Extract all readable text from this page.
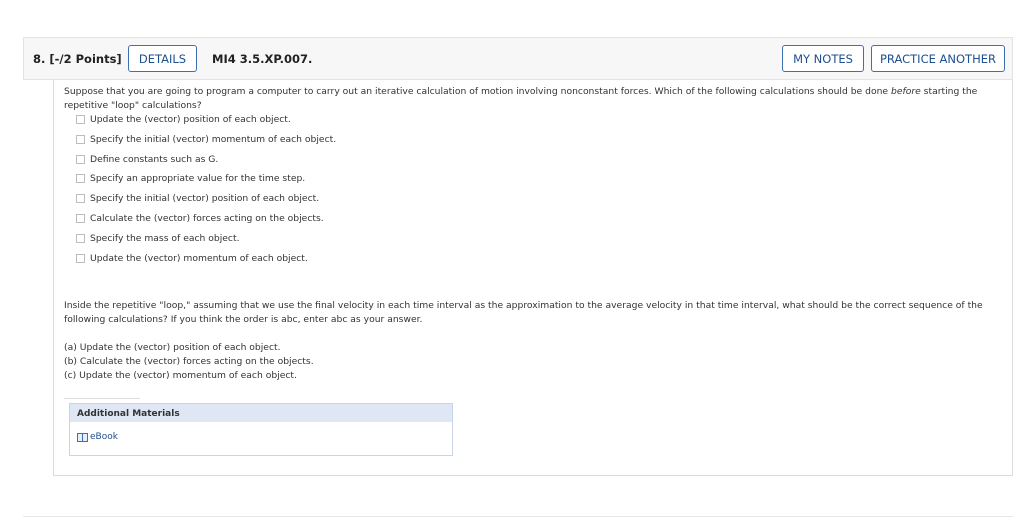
8. [-/2 Points]	DETAILS	MI4 3.5.XP.007.	MY NOTES	PRACTICE ANOTHER
Suppose that you are going to program a computer to carry out an iterative calculation of motion involving nonconstant forces. Which of the following calculations should be done before starting the repetitive "loop" calculations?
Update the (vector) position of each object.
Specify the initial (vector) momentum of each object.
Define constants such as G.
Specify an appropriate value for the time step.
Specify the initial (vector) position of each object.
Calculate the (vector) forces acting on the objects.
Specify the mass of each object.
Update the (vector) momentum of each object.
Inside the repetitive "loop," assuming that we use the final velocity in each time interval as the approximation to the average velocity in that time interval, what should be the correct sequence of the following calculations? If you think the order is abc, enter abc as your answer.
(a) Update the (vector) position of each object.
(b) Calculate the (vector) forces acting on the objects.
(c) Update the (vector) momentum of each object.
Additional Materials
eBook
